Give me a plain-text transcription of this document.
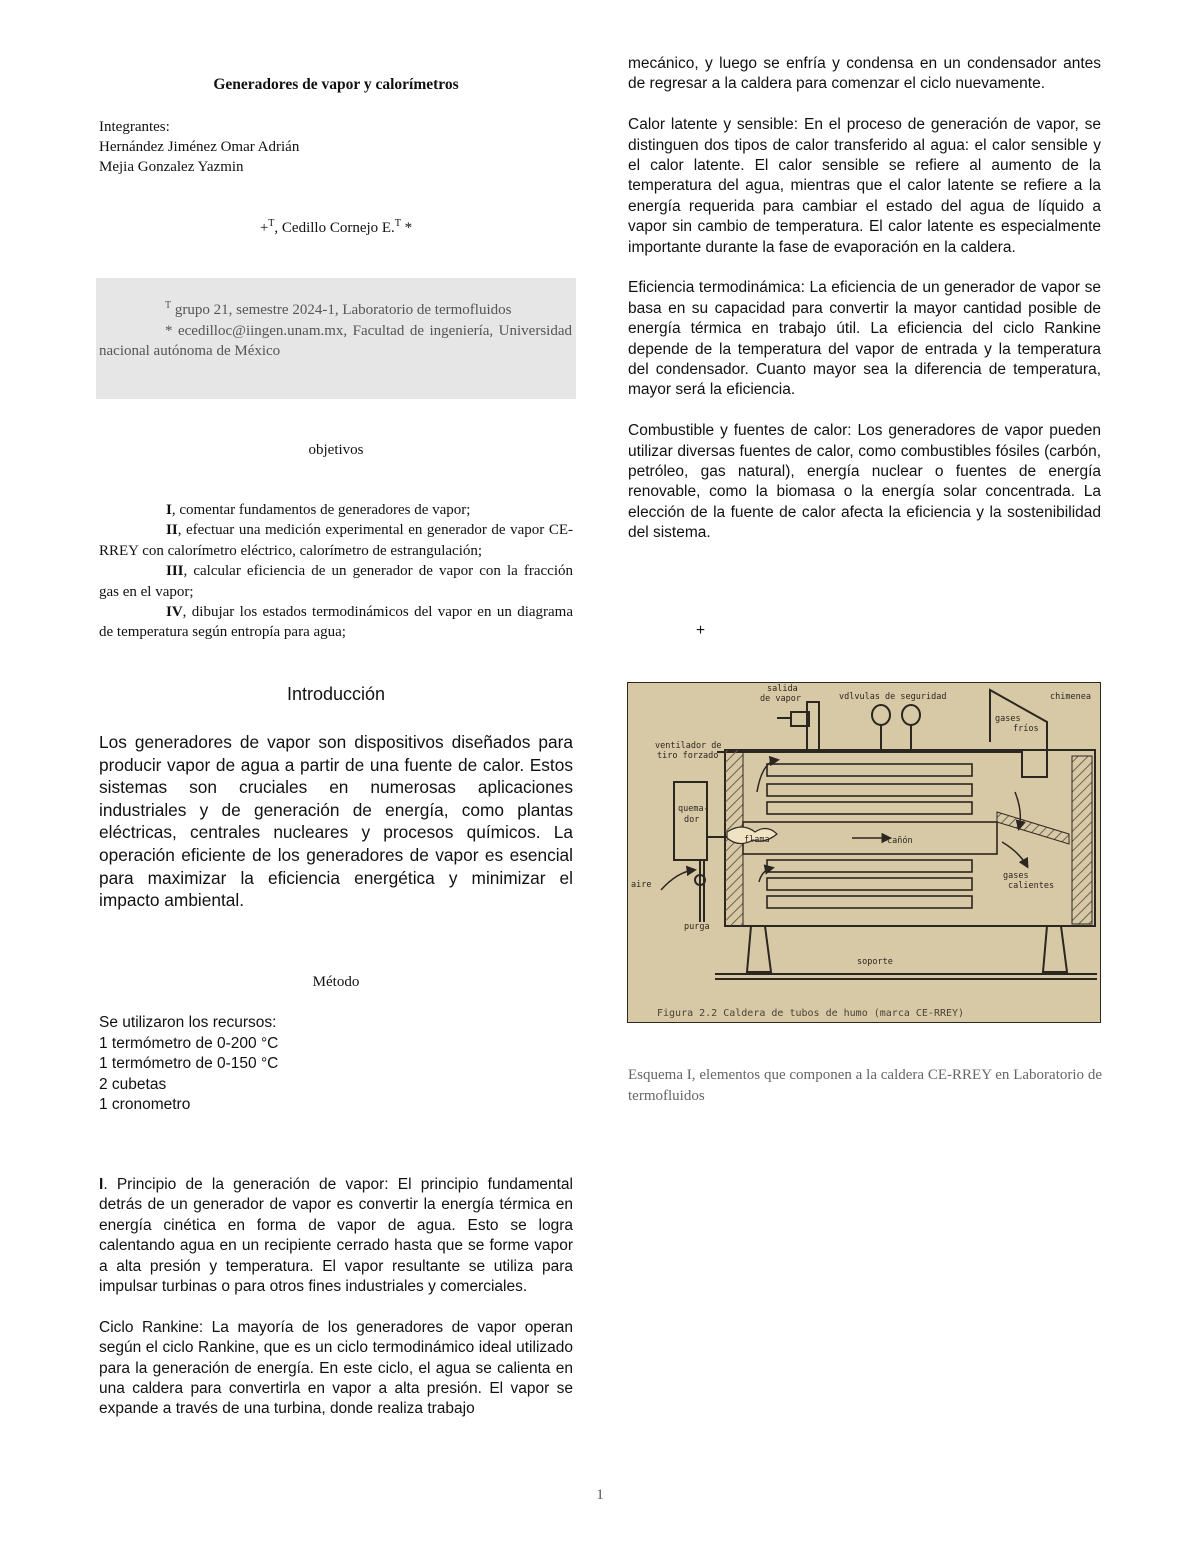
Generadores de vapor y calorímetros
Integrantes:
Hernández Jiménez Omar Adrián
Mejia Gonzalez Yazmin
+$^T$, Cedillo Cornejo E.$^T$ *

$^T$ grupo 21, semestre 2024-1, Laboratorio de termofluidos

* ecedilloc@iingen.unam.mx, Facultad de ingeniería, Universidad nacional autónoma de México

objetivos

I, comentar fundamentos de generadores de vapor;

II, efectuar una medición experimental en generador de vapor CE-RREY con calorímetro eléctrico, calorímetro de estrangulación;

III, calcular eficiencia de un generador de vapor con la fracción gas en el vapor;

IV, dibujar los estados termodinámicos del vapor en un diagrama de temperatura según entropía para agua;

Introducción
Los generadores de vapor son dispositivos diseñados para producir vapor de agua a partir de una fuente de calor. Estos sistemas son cruciales en numerosas aplicaciones industriales y de generación de energía, como plantas eléctricas, centrales nucleares y procesos químicos. La operación eficiente de los generadores de vapor es esencial para maximizar la eficiencia energética y minimizar el impacto ambiental.
Método
Se utilizaron los recursos:
1 termómetro de 0-200 °C
1 termómetro de 0-150 °C
2 cubetas
1 cronometro

I. Principio de la generación de vapor: El principio fundamental detrás de un generador de vapor es convertir la energía térmica en energía cinética en forma de vapor de agua. Esto se logra calentando agua en un recipiente cerrado hasta que se forme vapor a alta presión y temperatura. El vapor resultante se utiliza para impulsar turbinas o para otros fines industriales y comerciales.

Ciclo Rankine: La mayoría de los generadores de vapor operan según el ciclo Rankine, que es un ciclo termodinámico ideal utilizado para la generación de energía. En este ciclo, el agua se calienta en una caldera para convertirla en vapor a alta presión. El vapor se expande a través de una turbina, donde realiza trabajo

mecánico, y luego se enfría y condensa en un condensador antes de regresar a la caldera para comenzar el ciclo nuevamente.

Calor latente y sensible: En el proceso de generación de vapor, se distinguen dos tipos de calor transferido al agua: el calor sensible y el calor latente. El calor sensible se refiere al aumento de la temperatura del agua, mientras que el calor latente se refiere a la energía requerida para cambiar el estado del agua de líquido a vapor sin cambio de temperatura. El calor latente es especialmente importante durante la fase de evaporación en la caldera.

Eficiencia termodinámica: La eficiencia de un generador de vapor se basa en su capacidad para convertir la mayor cantidad posible de energía térmica en trabajo útil. La eficiencia del ciclo Rankine depende de la temperatura del vapor de entrada y la temperatura del condensador. Cuanto mayor sea la diferencia de temperatura, mayor será la eficiencia.

Combustible y fuentes de calor: Los generadores de vapor pueden utilizar diversas fuentes de calor, como combustibles fósiles (carbón, petróleo, gas natural), energía nuclear o fuentes de energía renovable, como la biomasa o la energía solar concentrada. La elección de la fuente de calor afecta la eficiencia y la sostenibilidad del sistema.

+
salida
de vapor	vdlvulas de seguridad	chimenea
gases
fríos
ventilador de
tiro forzado
quema-
dor
flama	cañón
aire
gases
calientes
purga
soporte
Figura 2.2 Caldera de tubos de humo (marca CE-RREY)
Esquema I, elementos que componen a la caldera CE-RREY en Laboratorio de termofluidos
1
